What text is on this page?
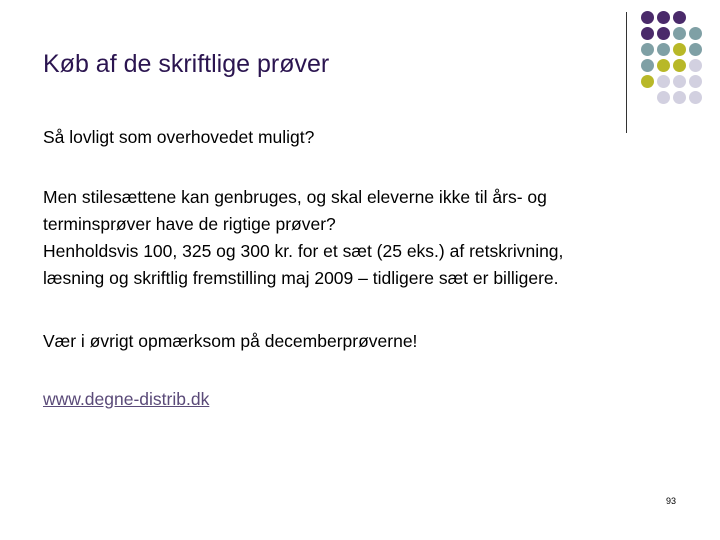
Køb af de skriftlige prøver

Så lovligt som overhovedet muligt?

Men stilesættene kan genbruges, og skal eleverne ikke til års- og
terminsprøver have de rigtige prøver?
Henholdsvis 100, 325 og 300 kr. for et sæt (25 eks.) af retskrivning,
læsning og skriftlig fremstilling maj 2009 – tidligere sæt er billigere.

Vær i øvrigt opmærksom på decemberprøverne!

www.degne-distrib.dk
93
